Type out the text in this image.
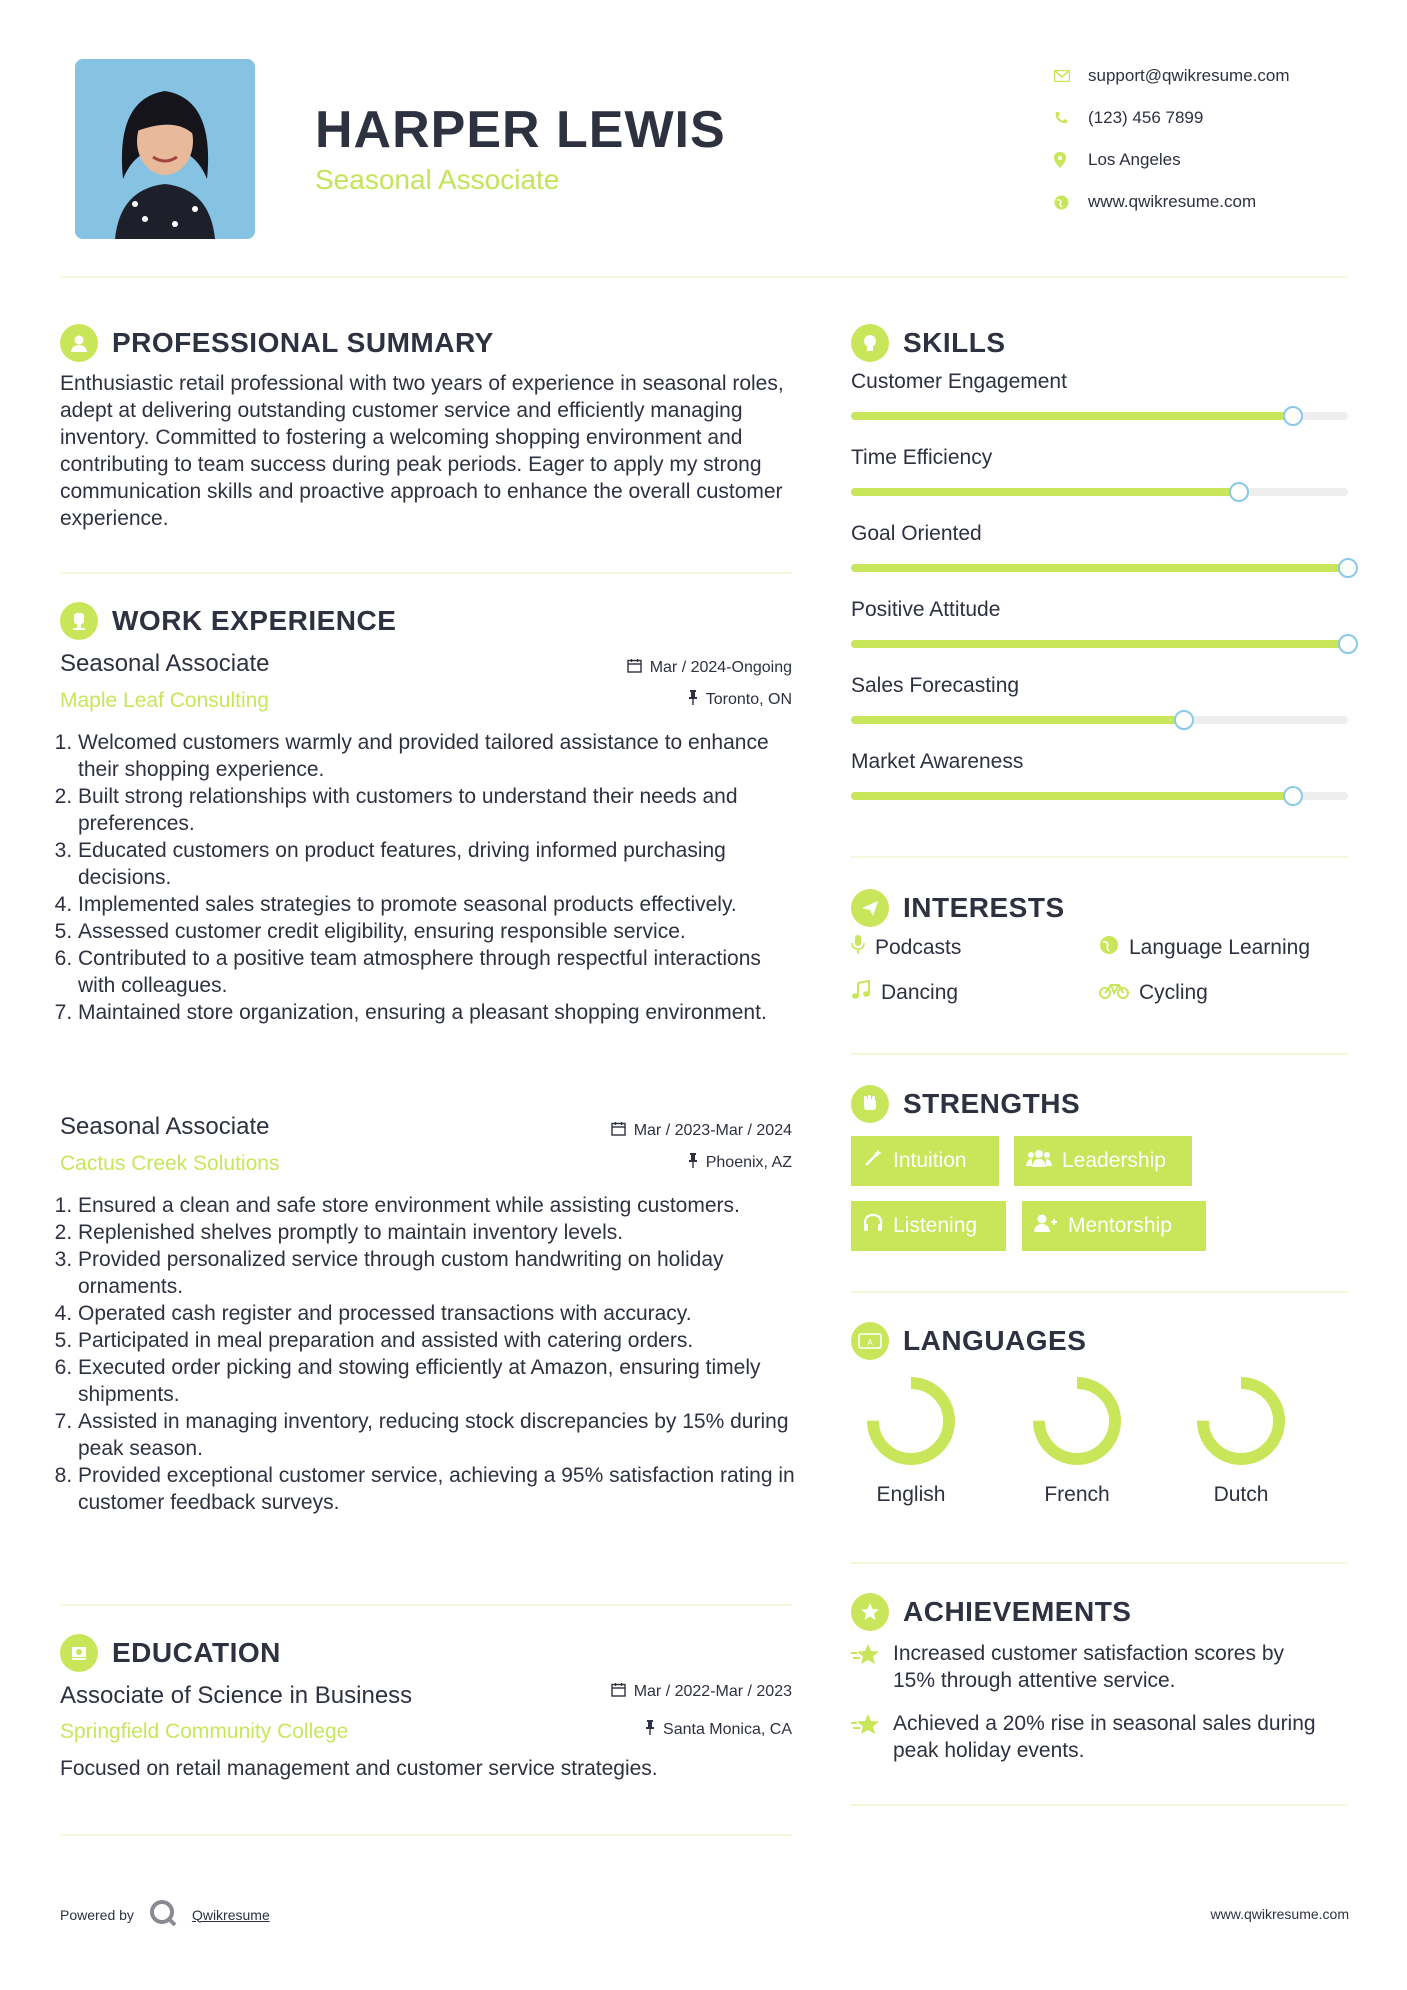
HARPER LEWIS
Seasonal Associate
support@qwikresume.com
(123) 456 7899
Los Angeles
www.qwikresume.com
PROFESSIONAL SUMMARY
Enthusiastic retail professional with two years of experience in seasonal roles, adept at delivering outstanding customer service and efficiently managing inventory. Committed to fostering a welcoming shopping environment and contributing to team success during peak periods. Eager to apply my strong communication skills and proactive approach to enhance the overall customer experience.
WORK EXPERIENCE
Seasonal Associate	Mar / 2024-Ongoing
Maple Leaf Consulting	Toronto, ON
1. Welcomed customers warmly and provided tailored assistance to enhance their shopping experience.
2. Built strong relationships with customers to understand their needs and preferences.
3. Educated customers on product features, driving informed purchasing decisions.
4. Implemented sales strategies to promote seasonal products effectively.
5. Assessed customer credit eligibility, ensuring responsible service.
6. Contributed to a positive team atmosphere through respectful interactions with colleagues.
7. Maintained store organization, ensuring a pleasant shopping environment.
Seasonal Associate	Mar / 2023-Mar / 2024
Cactus Creek Solutions	Phoenix, AZ
1. Ensured a clean and safe store environment while assisting customers.
2. Replenished shelves promptly to maintain inventory levels.
3. Provided personalized service through custom handwriting on holiday ornaments.
4. Operated cash register and processed transactions with accuracy.
5. Participated in meal preparation and assisted with catering orders.
6. Executed order picking and stowing efficiently at Amazon, ensuring timely shipments.
7. Assisted in managing inventory, reducing stock discrepancies by 15% during peak season.
8. Provided exceptional customer service, achieving a 95% satisfaction rating in customer feedback surveys.
EDUCATION
Associate of Science in Business	Mar / 2022-Mar / 2023
Springfield Community College	Santa Monica, CA
Focused on retail management and customer service strategies.
SKILLS
Customer Engagement
Time Efficiency
Goal Oriented
Positive Attitude
Sales Forecasting
Market Awareness
INTERESTS
Podcasts	Language Learning
Dancing	Cycling
STRENGTHS
Intuition	Leadership
Listening	Mentorship
A LANGUAGES
English	French	Dutch
ACHIEVEMENTS
Increased customer satisfaction scores by 15% through attentive service.
Achieved a 20% rise in seasonal sales during peak holiday events.
Powered by	Qwikresume	www.qwikresume.com
